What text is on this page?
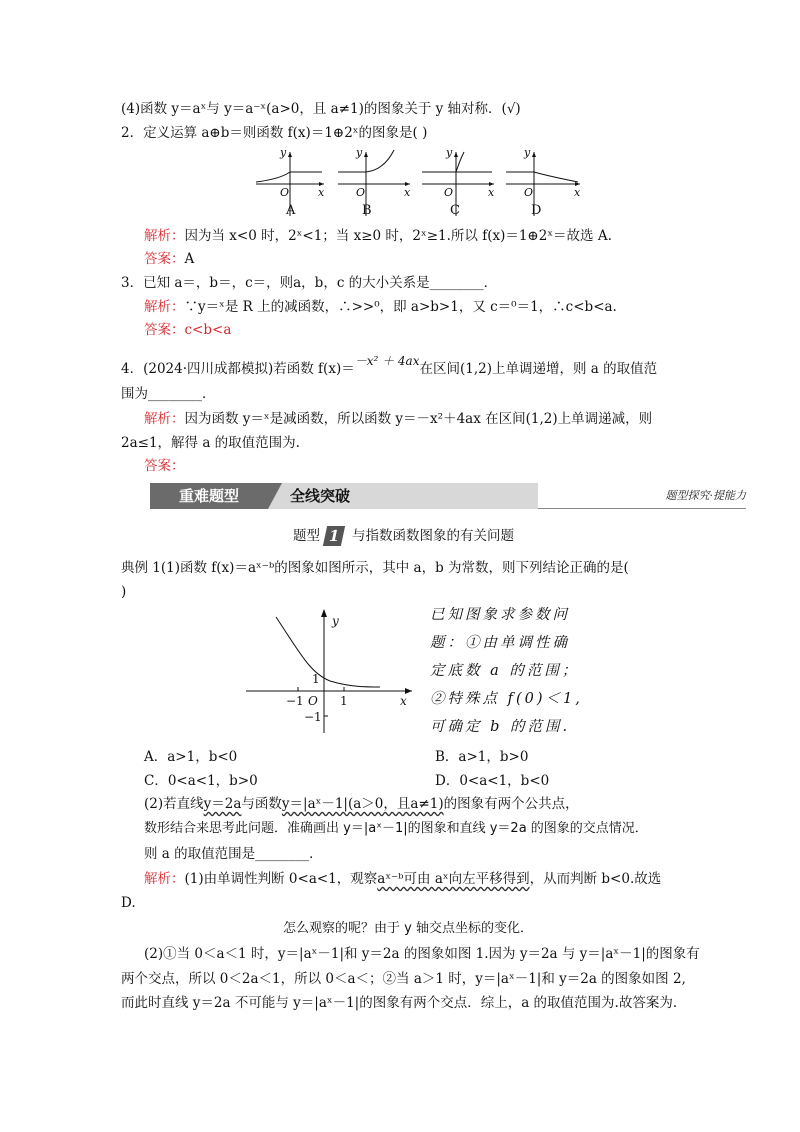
(4)函数 y＝aˣ与 y＝a⁻ˣ(a>0，且 a≠1)的图象关于 y 轴对称．(√)
2．定义运算 a⊕b＝则函数 f(x)＝1⊕2ˣ的图象是( )
y
x
O
A
y
x
O
B
y
x
O
C
y
x
O
D
解析：因为当 x<0 时，2ˣ<1；当 x≥0 时，2ˣ≥1.所以 f(x)＝1⊕2ˣ＝故选 A.
答案：A
3．已知 a＝，b＝，c＝，则a，b，c 的大小关系是________．
解析：∵y＝ˣ是 R 上的减函数，∴>>⁰，即 a>b>1，又 c＝⁰＝1，∴c<b<a.
答案：c<b<a
4．(2024·四川成都模拟)若函数 f(x)＝－x² ＋ 4ax在区间(1,2)上单调递增，则 a 的取值范
围为________．
解析：因为函数 y＝ˣ是减函数，所以函数 y＝－x²＋4ax 在区间(1,2)上单调递减，则
2a≤1，解得 a 的取值范围为.
答案：
全线突破
重难题型	题型探究·提能力
题型 1 与指数函数图象的有关问题
典例 1(1)函数 f(x)＝aˣ⁻ᵇ的图象如图所示，其中 a，b 为常数，则下列结论正确的是(
)
y
x
O
−1	1
1
−1
已知图象求参数问
题：①由单调性确
定底数 a 的范围；
②特殊点 f(0)＜1,
可确定 b 的范围.
A．a>1，b<0	B．a>1，b>0
C．0<a<1，b>0	D．0<a<1，b<0
(2)若直线y＝2a与函数y＝|aˣ－1|(a＞0，且a≠1)的图象有两个公共点，
数形结合来思考此问题．准确画出 y＝|aˣ－1|的图象和直线 y＝2a 的图象的交点情况．
则 a 的取值范围是________．
解析：(1)由单调性判断 0<a<1，观察aˣ⁻ᵇ可由 aˣ向左平移得到，从而判断 b<0.故选
D.
怎么观察的呢？由于 y 轴交点坐标的变化．
(2)①当 0＜a＜1 时，y＝|aˣ－1|和 y＝2a 的图象如图 1.因为 y＝2a 与 y＝|aˣ－1|的图象有
两个交点，所以 0＜2a＜1，所以 0＜a＜；②当 a＞1 时，y＝|aˣ－1|和 y＝2a 的图象如图 2,
而此时直线 y＝2a 不可能与 y＝|aˣ－1|的图象有两个交点．综上，a 的取值范围为.故答案为.
